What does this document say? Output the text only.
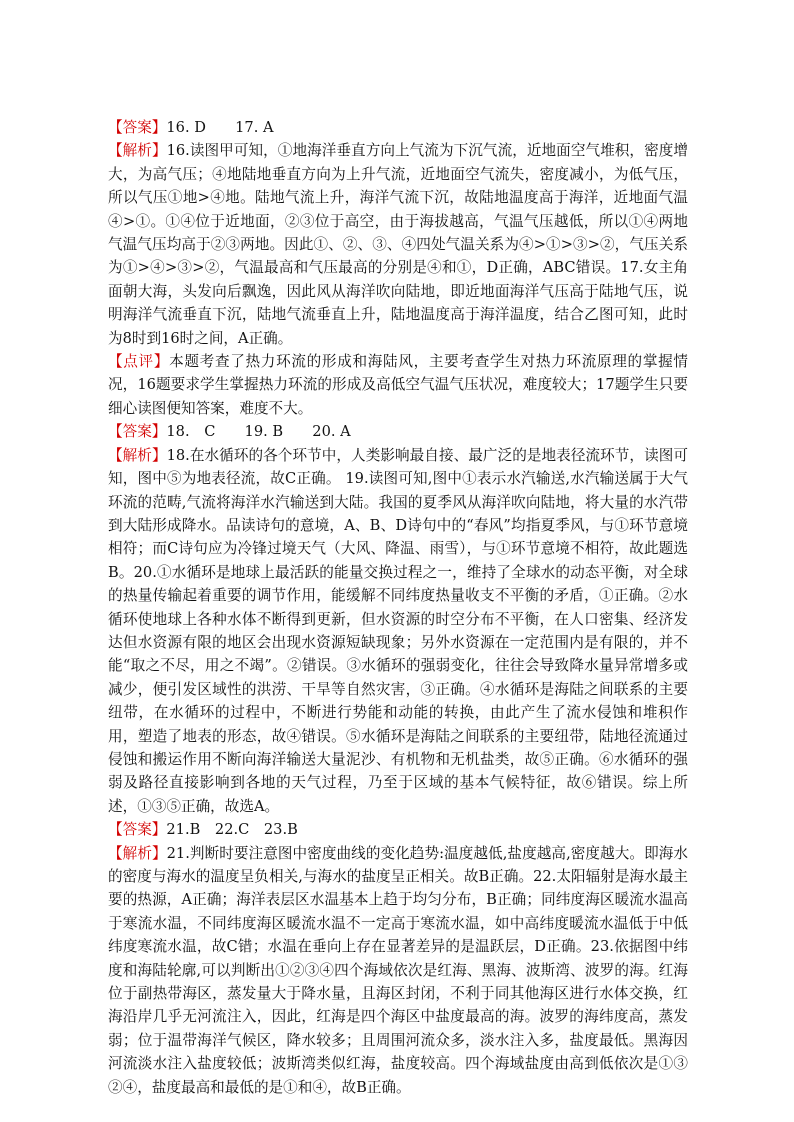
【答案】16. D　　17. A

【解析】16.读图甲可知，①地海洋垂直方向上气流为下沉气流，近地面空气堆积，密度增大，为高气压；④地陆地垂直方向为上升气流，近地面空气流失，密度减小，为低气压，所以气压①地>④地。陆地气流上升，海洋气流下沉，故陆地温度高于海洋，近地面气温④>①。①④位于近地面，②③位于高空，由于海拔越高，气温气压越低，所以①④两地气温气压均高于②③两地。因此①、②、③、④四处气温关系为④>①>③>②，气压关系为①>④>③>②，气温最高和气压最高的分别是④和①，D正确，ABC错误。17.女主角面朝大海，头发向后飘逸，因此风从海洋吹向陆地，即近地面海洋气压高于陆地气压，说明海洋气流垂直下沉，陆地气流垂直上升，陆地温度高于海洋温度，结合乙图可知，此时为8时到16时之间，A正确。

【点评】本题考查了热力环流的形成和海陆风，主要考查学生对热力环流原理的掌握情况，16题要求学生掌握热力环流的形成及高低空气温气压状况，难度较大；17题学生只要细心读图便知答案，难度不大。

【答案】18.　C　　19. B　　20. A

【解析】18.在水循环的各个环节中，人类影响最自接、最广泛的是地表径流环节，读图可知，图中⑤为地表径流，故C正确。 19.读图可知,图中①表示水汽输送,水汽输送属于大气环流的范畴,气流将海洋水汽输送到大陆。我国的夏季风从海洋吹向陆地，将大量的水汽带到大陆形成降水。品读诗句的意境，A、B、D诗句中的“春风”均指夏季风，与①环节意境相符；而C诗句应为冷锋过境天气（大风、降温、雨雪），与①环节意境不相符，故此题选B。20.①水循环是地球上最活跃的能量交换过程之一，维持了全球水的动态平衡，对全球的热量传输起着重要的调节作用，能缓解不同纬度热量收支不平衡的矛盾，①正确。②水循环使地球上各种水体不断得到更新，但水资源的时空分布不平衡，在人口密集、经济发达但水资源有限的地区会出现水资源短缺现象；另外水资源在一定范围内是有限的，并不能“取之不尽，用之不竭”。②错误。③水循环的强弱变化，往往会导致降水量异常增多或减少，便引发区域性的洪涝、干旱等自然灾害，③正确。④水循环是海陆之间联系的主要纽带，在水循环的过程中，不断进行势能和动能的转换，由此产生了流水侵蚀和堆积作用，塑造了地表的形态，故④错误。⑤水循环是海陆之间联系的主要纽带，陆地径流通过侵蚀和搬运作用不断向海洋输送大量泥沙、有机物和无机盐类，故⑤正确。⑥水循环的强弱及路径直接影响到各地的天气过程，乃至于区域的基本气候特征，故⑥错误。综上所述，①③⑤正确，故选A。

【答案】21.B　22.C　23.B

【解析】21.判断时要注意图中密度曲线的变化趋势:温度越低,盐度越高,密度越大。即海水的密度与海水的温度呈负相关,与海水的盐度呈正相关。故B正确。22.太阳辐射是海水最主要的热源，A正确；海洋表层区水温基本上趋于均匀分布，B正确；同纬度海区暖流水温高于寒流水温，不同纬度海区暖流水温不一定高于寒流水温，如中高纬度暖流水温低于中低纬度寒流水温，故C错；水温在垂向上存在显著差异的是温跃层，D正确。23.依据图中纬度和海陆轮廓,可以判断出①②③④四个海域依次是红海、黑海、波斯湾、波罗的海。红海位于副热带海区，蒸发量大于降水量，且海区封闭，不利于同其他海区进行水体交换，红海沿岸几乎无河流注入，因此，红海是四个海区中盐度最高的海。波罗的海纬度高，蒸发弱；位于温带海洋气候区，降水较多；且周围河流众多，淡水注入多，盐度最低。黑海因河流淡水注入盐度较低；波斯湾类似红海，盐度较高。四个海域盐度由高到低依次是①③②④，盐度最高和最低的是①和④，故B正确。
